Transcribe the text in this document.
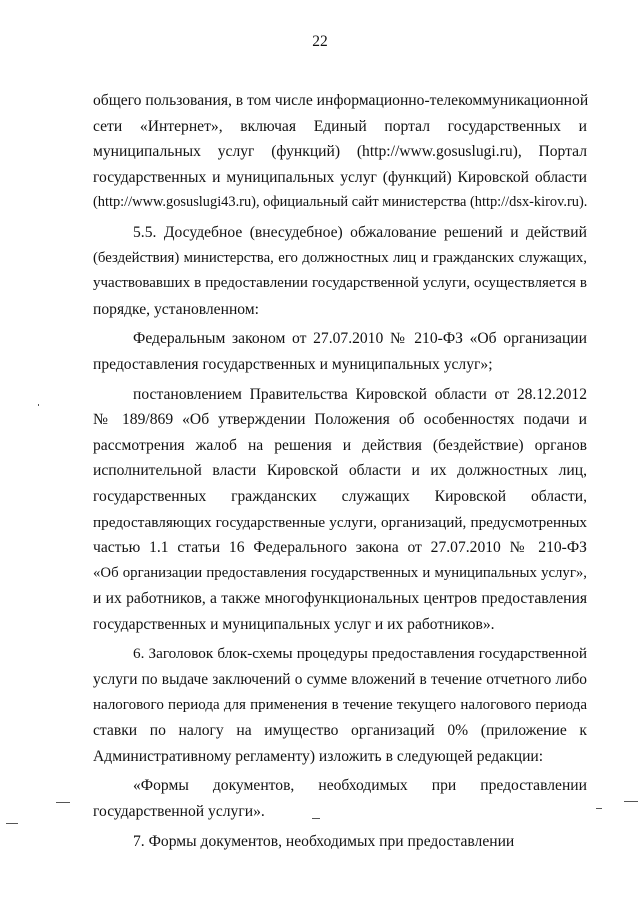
22
общего пользования, в том числе информационно-телекоммуникационной
сети «Интернет», включая Единый портал государственных и
муниципальных услуг (функций) (http://www.gosuslugi.ru), Портал
государственных и муниципальных услуг (функций) Кировской области
(http://www.gosuslugi43.ru), официальный сайт министерства (http://dsx-kirov.ru).
5.5. Досудебное (внесудебное) обжалование решений и действий
(бездействия) министерства, его должностных лиц и гражданских служащих,
участвовавших в предоставлении государственной услуги, осуществляется в
порядке, установленном:
Федеральным законом от 27.07.2010 № 210-ФЗ «Об организации
предоставления государственных и муниципальных услуг»;
постановлением Правительства Кировской области от 28.12.2012
№ 189/869 «Об утверждении Положения об особенностях подачи и
рассмотрения жалоб на решения и действия (бездействие) органов
исполнительной власти Кировской области и их должностных лиц,
государственных гражданских служащих Кировской области,
предоставляющих государственные услуги, организаций, предусмотренных
частью 1.1 статьи 16 Федерального закона от 27.07.2010 № 210-ФЗ
«Об организации предоставления государственных и муниципальных услуг»,
и их работников, а также многофункциональных центров предоставления
государственных и муниципальных услуг и их работников».
6. Заголовок блок-схемы процедуры предоставления государственной
услуги по выдаче заключений о сумме вложений в течение отчетного либо
налогового периода для применения в течение текущего налогового периода
ставки по налогу на имущество организаций 0% (приложение к
Административному регламенту) изложить в следующей редакции:
«Формы документов, необходимых при предоставлении
государственной услуги».
7. Формы документов, необходимых при предоставлении
